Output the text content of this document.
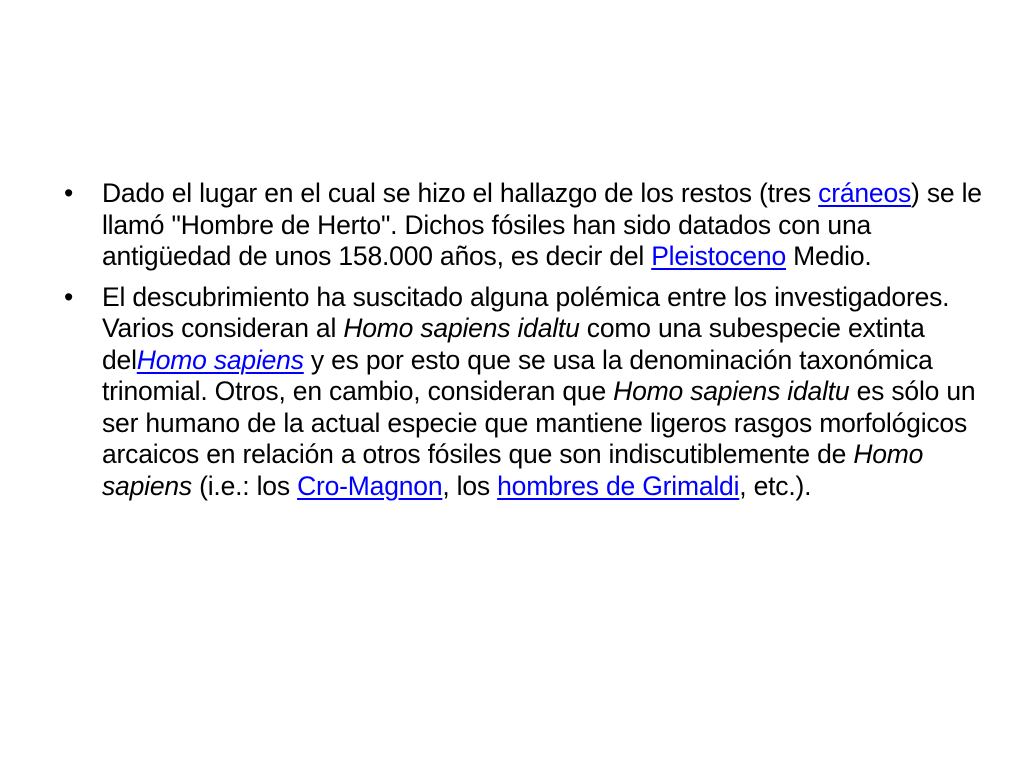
•	Dado el lugar en el cual se hizo el hallazgo de los restos (tres cráneos) se le llamó "Hombre de Herto". Dichos fósiles han sido datados con una antigüedad de unos 158.000 años, es decir del Pleistoceno Medio.
•	El descubrimiento ha suscitado alguna polémica entre los investigadores. Varios consideran al Homo sapiens idaltu como una subespecie extinta delHomo sapiens y es por esto que se usa la denominación taxonómica trinomial. Otros, en cambio, consideran que Homo sapiens idaltu es sólo un ser humano de la actual especie que mantiene ligeros rasgos morfológicos arcaicos en relación a otros fósiles que son indiscutiblemente de Homo sapiens (i.e.: los Cro-Magnon, los hombres de Grimaldi, etc.).
